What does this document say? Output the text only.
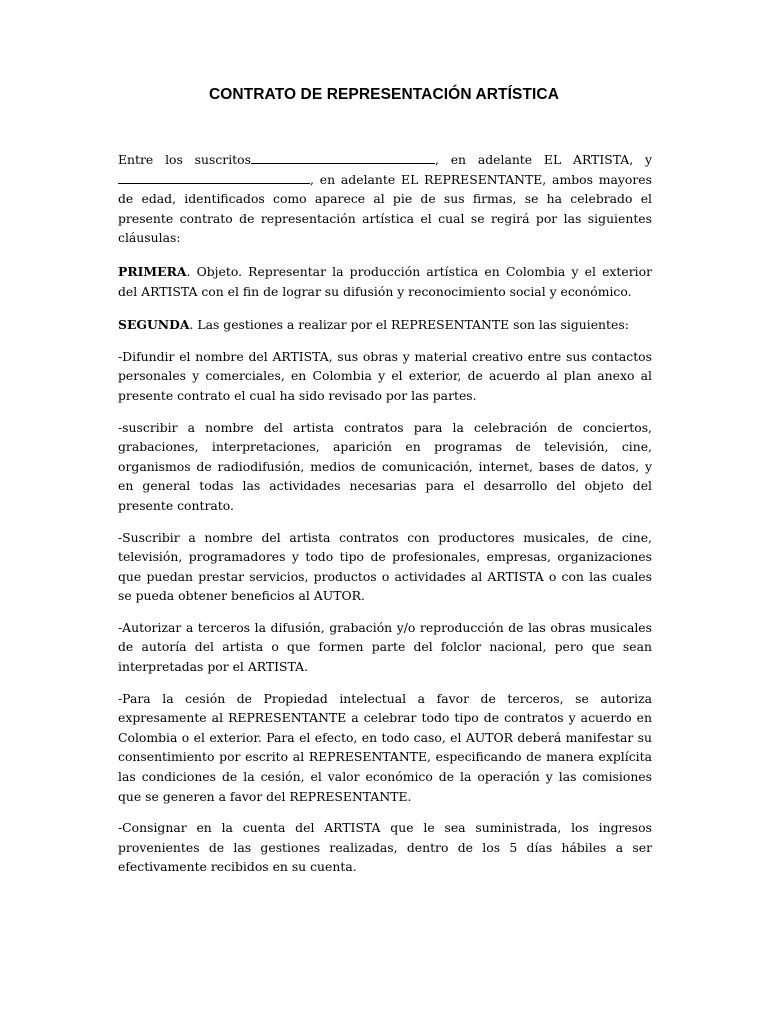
CONTRATO DE REPRESENTACIÓN ARTÍSTICA

Entre los suscritos	, en adelante EL ARTISTA, y , en adelante EL REPRESENTANTE, ambos mayores de edad, identificados como aparece al pie de sus firmas, se ha celebrado el presente contrato de representación artística el cual se regirá por las siguientes cláusulas:

PRIMERA. Objeto. Representar la producción artística en Colombia y el exterior del ARTISTA con el fin de lograr su difusión y reconocimiento social y económico.

SEGUNDA. Las gestiones a realizar por el REPRESENTANTE son las siguientes:

-Difundir el nombre del ARTISTA, sus obras y material creativo entre sus contactos personales y comerciales, en Colombia y el exterior, de acuerdo al plan anexo al presente contrato el cual ha sido revisado por las partes.

-suscribir a nombre del artista contratos para la celebración de conciertos, grabaciones, interpretaciones, aparición en programas de televisión, cine, organismos de radiodifusión, medios de comunicación, internet, bases de datos, y en general todas las actividades necesarias para el desarrollo del objeto del presente contrato.

-Suscribir a nombre del artista contratos con productores musicales, de cine, televisión, programadores y todo tipo de profesionales, empresas, organizaciones que puedan prestar servicios, productos o actividades al ARTISTA o con las cuales se pueda obtener beneficios al AUTOR.

-Autorizar a terceros la difusión, grabación y/o reproducción de las obras musicales de autoría del artista o que formen parte del folclor nacional, pero que sean interpretadas por el ARTISTA.

-Para la cesión de Propiedad intelectual a favor de terceros, se autoriza expresamente al REPRESENTANTE a celebrar todo tipo de contratos y acuerdo en Colombia o el exterior. Para el efecto, en todo caso, el AUTOR deberá manifestar su consentimiento por escrito al REPRESENTANTE, especificando de manera explícita las condiciones de la cesión, el valor económico de la operación y las comisiones que se generen a favor del REPRESENTANTE.

-Consignar en la cuenta del ARTISTA que le sea suministrada, los ingresos provenientes de las gestiones realizadas, dentro de los 5 días hábiles a ser efectivamente recibidos en su cuenta.
